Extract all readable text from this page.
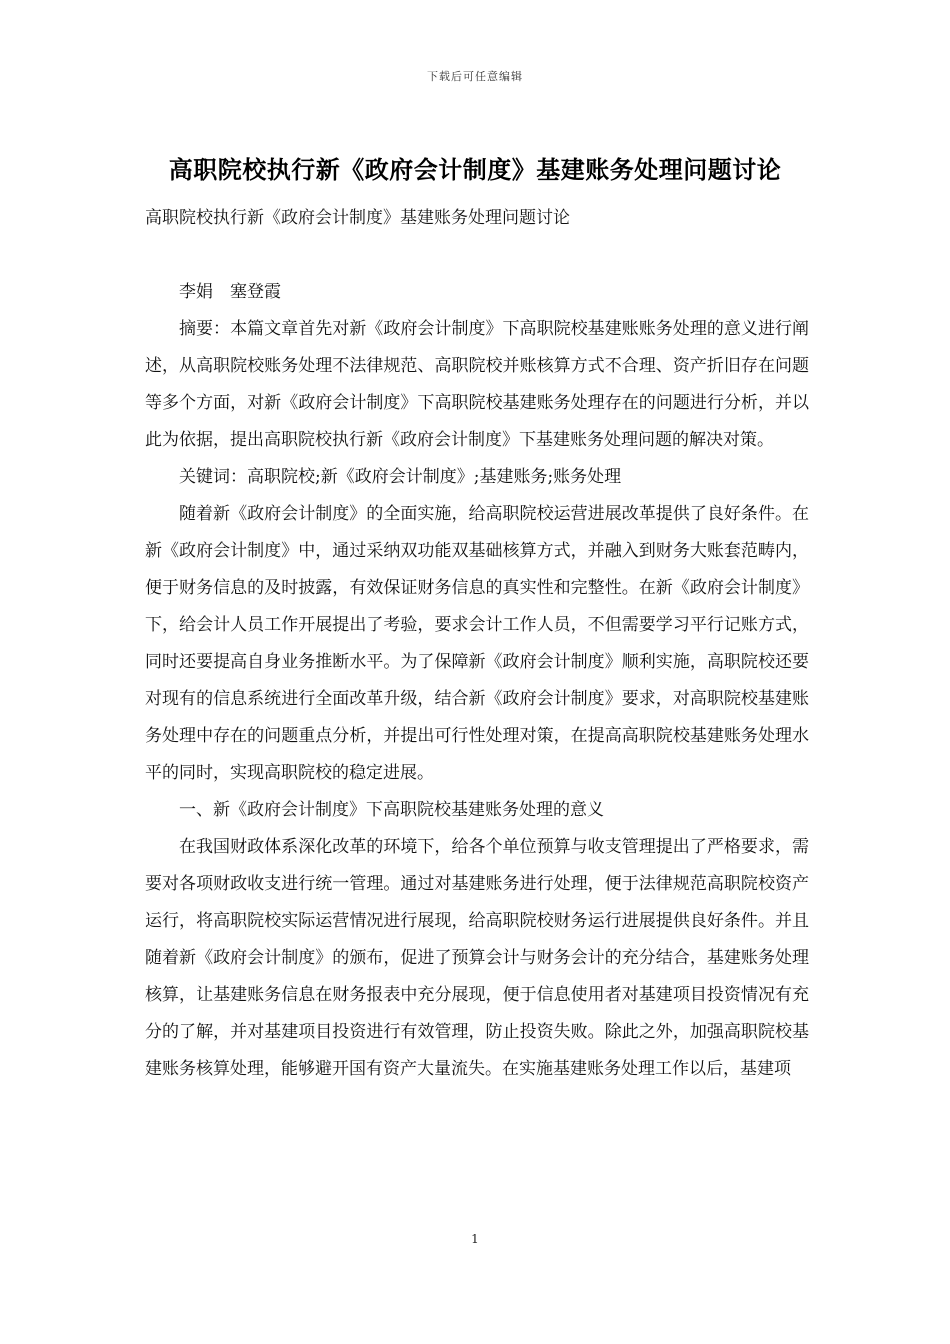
下载后可任意编辑
高职院校执行新《政府会计制度》基建账务处理问题讨论

高职院校执行新《政府会计制度》基建账务处理问题讨论

李娟　塞登霞

摘要：本篇文章首先对新《政府会计制度》下高职院校基建账账务处理的意义进行阐述，从高职院校账务处理不法律规范、高职院校并账核算方式不合理、资产折旧存在问题等多个方面，对新《政府会计制度》下高职院校基建账务处理存在的问题进行分析，并以此为依据，提出高职院校执行新《政府会计制度》下基建账务处理问题的解决对策。

关键词：高职院校;新《政府会计制度》;基建账务;账务处理

随着新《政府会计制度》的全面实施，给高职院校运营进展改革提供了良好条件。在新《政府会计制度》中，通过采纳双功能双基础核算方式，并融入到财务大账套范畴内，便于财务信息的及时披露，有效保证财务信息的真实性和完整性。在新《政府会计制度》下，给会计人员工作开展提出了考验，要求会计工作人员，不但需要学习平行记账方式，同时还要提高自身业务推断水平。为了保障新《政府会计制度》顺利实施，高职院校还要对现有的信息系统进行全面改革升级，结合新《政府会计制度》要求，对高职院校基建账务处理中存在的问题重点分析，并提出可行性处理对策，在提高高职院校基建账务处理水平的同时，实现高职院校的稳定进展。

一、新《政府会计制度》下高职院校基建账务处理的意义

在我国财政体系深化改革的环境下，给各个单位预算与收支管理提出了严格要求，需要对各项财政收支进行统一管理。通过对基建账务进行处理，便于法律规范高职院校资产运行，将高职院校实际运营情况进行展现，给高职院校财务运行进展提供良好条件。并且随着新《政府会计制度》的颁布，促进了预算会计与财务会计的充分结合，基建账务处理核算，让基建账务信息在财务报表中充分展现，便于信息使用者对基建项目投资情况有充分的了解，并对基建项目投资进行有效管理，防止投资失败。除此之外，加强高职院校基建账务核算处理，能够避开国有资产大量流失。在实施基建账务处理工作以后，基建项

1
